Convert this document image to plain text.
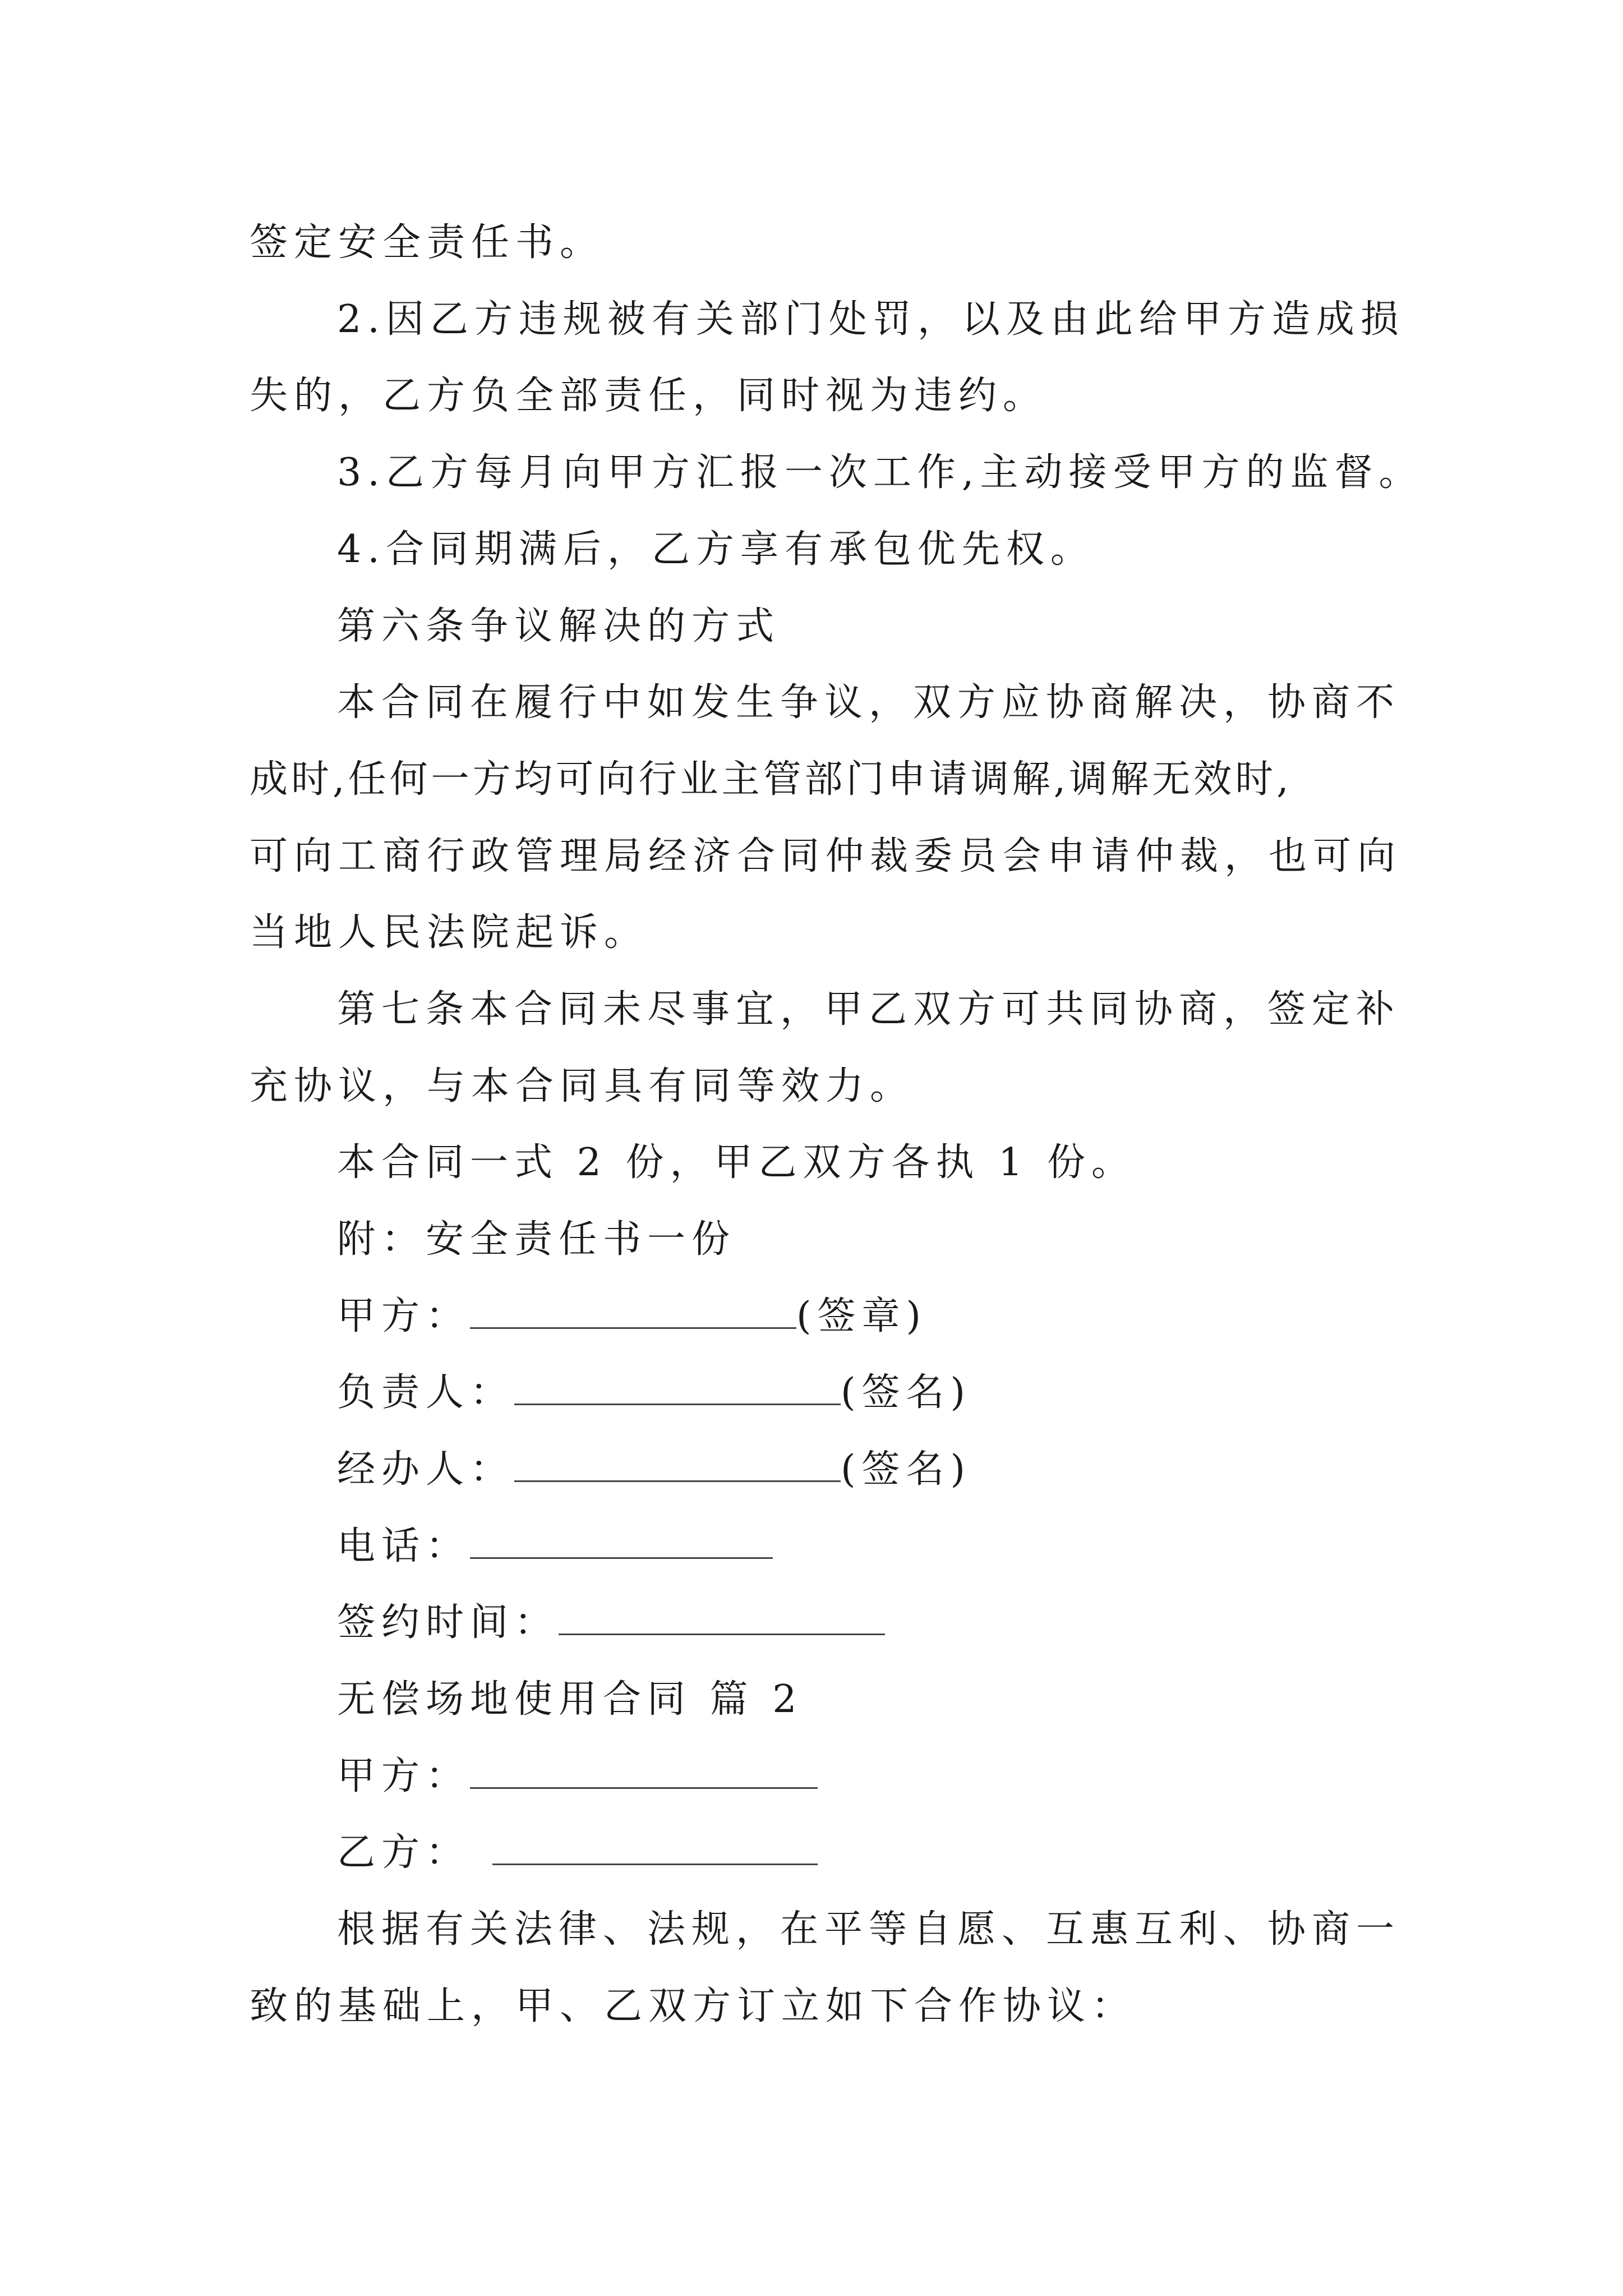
签定安全责任书。
2.因乙方违规被有关部门处罚，以及由此给甲方造成损
失的，乙方负全部责任，同时视为违约。
3.乙方每月向甲方汇报一次工作,主动接受甲方的监督。
4.合同期满后，乙方享有承包优先权。
第六条争议解决的方式
本合同在履行中如发生争议，双方应协商解决，协商不
成时,任何一方均可向行业主管部门申请调解,调解无效时,
可向工商行政管理局经济合同仲裁委员会申请仲裁，也可向
当地人民法院起诉。
第七条本合同未尽事宜，甲乙双方可共同协商，签定补
充协议，与本合同具有同等效力。
本合同一式 2 份，甲乙双方各执 1 份。
附：安全责任书一份
甲方：	(签章)
负责人：	(签名)
经办人：	(签名)
电话：
签约时间：
无偿场地使用合同 篇 2
甲方：
乙方：
根据有关法律、法规，在平等自愿、互惠互利、协商一
致的基础上，甲、乙双方订立如下合作协议：
